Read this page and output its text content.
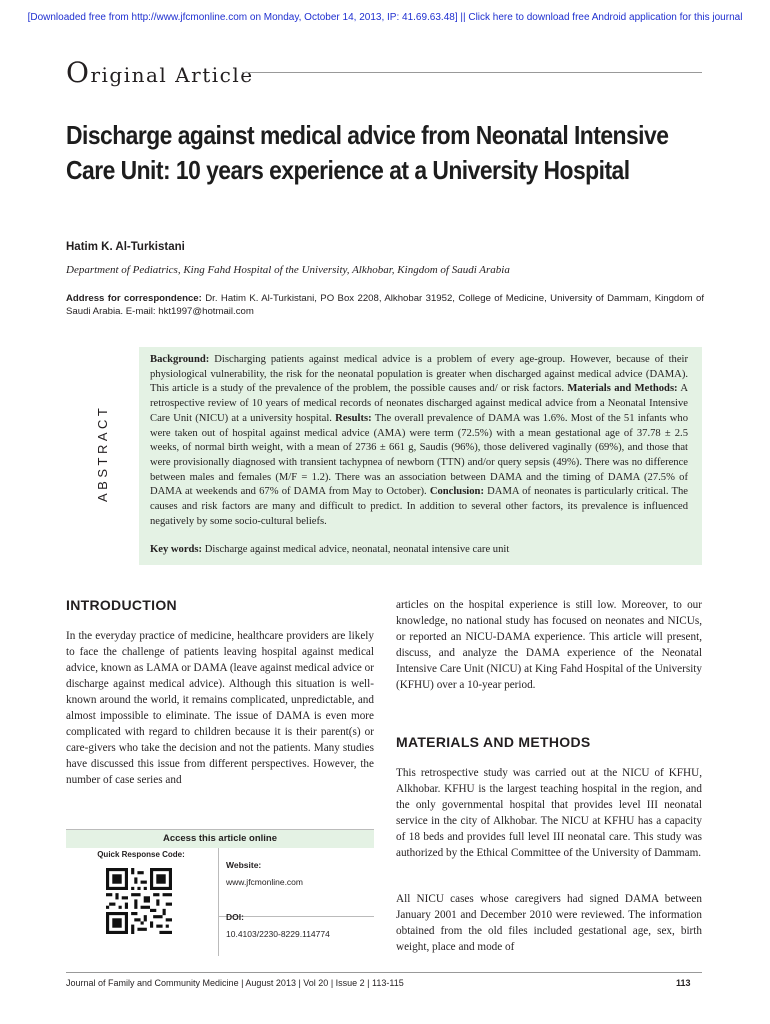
[Downloaded free from http://www.jfcmonline.com on Monday, October 14, 2013, IP: 41.69.63.48] || Click here to download free Android application for this journal
Original Article
Discharge against medical advice from Neonatal Intensive Care Unit: 10 years experience at a University Hospital
Hatim K. Al-Turkistani
Department of Pediatrics, King Fahd Hospital of the University, Alkhobar, Kingdom of Saudi Arabia
Address for correspondence: Dr. Hatim K. Al-Turkistani, PO Box 2208, Alkhobar 31952, College of Medicine, University of Dammam, Kingdom of Saudi Arabia. E-mail: hkt1997@hotmail.com
ABSTRACT
Background: Discharging patients against medical advice is a problem of every age-group. However, because of their physiological vulnerability, the risk for the neonatal population is greater when discharged against medical advice (DAMA). This article is a study of the prevalence of the problem, the possible causes and/ or risk factors. Materials and Methods: A retrospective review of 10 years of medical records of neonates discharged against medical advice from a Neonatal Intensive Care Unit (NICU) at a university hospital. Results: The overall prevalence of DAMA was 1.6%. Most of the 51 infants who were taken out of hospital against medical advice (AMA) were term (72.5%) with a mean gestational age of 37.78 ± 2.5 weeks, of normal birth weight, with a mean of 2736 ± 661 g, Saudis (96%), those delivered vaginally (69%), and those that were provisionally diagnosed with transient tachypnea of newborn (TTN) and/or query sepsis (49%). There was no difference between males and females (M/F = 1.2). There was an association between DAMA and the timing of DAMA (27.5% of DAMA at weekends and 67% of DAMA from May to October). Conclusion: DAMA of neonates is particularly critical. The causes and risk factors are many and difficult to predict. In addition to several other factors, its prevalence is influenced negatively by some socio-cultural beliefs.
Key words: Discharge against medical advice, neonatal, neonatal intensive care unit
INTRODUCTION
In the everyday practice of medicine, healthcare providers are likely to face the challenge of patients leaving hospital against medical advice, known as LAMA or DAMA (leave against medical advice or discharge against medical advice). Although this situation is well-known around the world, it remains complicated, unpredictable, and almost impossible to eliminate. The issue of DAMA is even more complicated with regard to children because it is their parent(s) or care-givers who take the decision and not the patients. Many studies have discussed this issue from different perspectives. However, the number of case series and
Access this article online
Quick Response Code:
Website:
www.jfcmonline.com
DOI:
10.4103/2230-8229.114774
articles on the hospital experience is still low. Moreover, to our knowledge, no national study has focused on neonates and NICUs, or reported an NICU-DAMA experience. This article will present, discuss, and analyze the DAMA experience of the Neonatal Intensive Care Unit (NICU) at King Fahd Hospital of the University (KFHU) over a 10-year period.
MATERIALS AND METHODS
This retrospective study was carried out at the NICU of KFHU, Alkhobar. KFHU is the largest teaching hospital in the region, and the only governmental hospital that provides level III neonatal service in the city of Alkhobar. The NICU at KFHU has a capacity of 18 beds and provides full level III neonatal care. This study was authorized by the Ethical Committee of the University of Dammam.
All NICU cases whose caregivers had signed DAMA between January 2001 and December 2010 were reviewed. The information obtained from the old files included gestational age, sex, birth weight, place and mode of
Journal of Family and Community Medicine | August 2013 | Vol 20 | Issue 2 | 113-115	113
